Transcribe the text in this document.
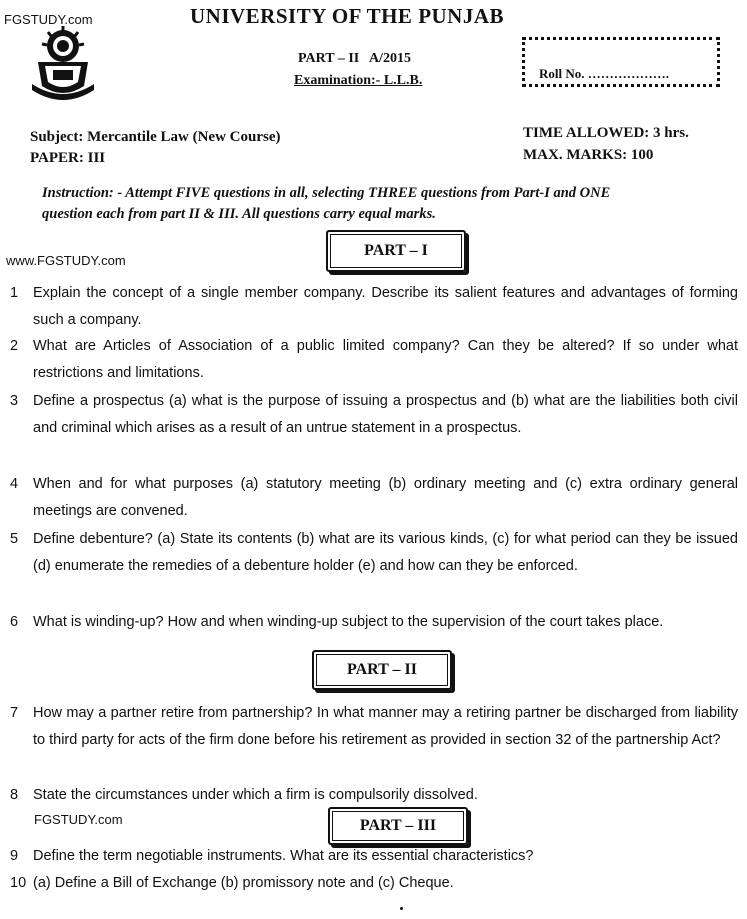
FGSTUDY.com
www.FGSTUDY.com
FGSTUDY.com
UNIVERSITY OF THE PUNJAB
PART – II   A/2015
Examination:- L.L.B.	Roll No. ……………….
Subject: Mercantile Law (New Course)
PAPER: III
TIME ALLOWED: 3 hrs.
MAX. MARKS: 100
Instruction: - Attempt FIVE questions in all, selecting THREE questions from Part-I and ONE question each from part II & III. All questions carry equal marks.
PART – I
1	Explain the concept of a single member company. Describe its salient features and advantages of forming such a company.
2	What are Articles of Association of a public limited company? Can they be altered? If so under what restrictions and limitations.
3	Define a prospectus (a) what is the purpose of issuing a prospectus and (b) what are the liabilities both civil and criminal which arises as a result of an untrue statement in a prospectus.
4	When and for what purposes (a) statutory meeting (b) ordinary meeting and (c) extra ordinary general meetings are convened.
5	Define debenture? (a) State its contents (b) what are its various kinds, (c) for what period can they be issued (d) enumerate the remedies of a debenture holder (e) and how can they be enforced.
6	What is winding-up? How and when winding-up subject to the supervision of the court takes place.
PART – II
7	How may a partner retire from partnership? In what manner may a retiring partner be discharged from liability to third party for acts of the firm done before his retirement as provided in section 32 of the partnership Act?
8	State the circumstances under which a firm is compulsorily dissolved.
PART – III
9	Define the term negotiable instruments. What are its essential characteristics?
10 (a) Define a Bill of Exchange (b) promissory note and (c) Cheque.
